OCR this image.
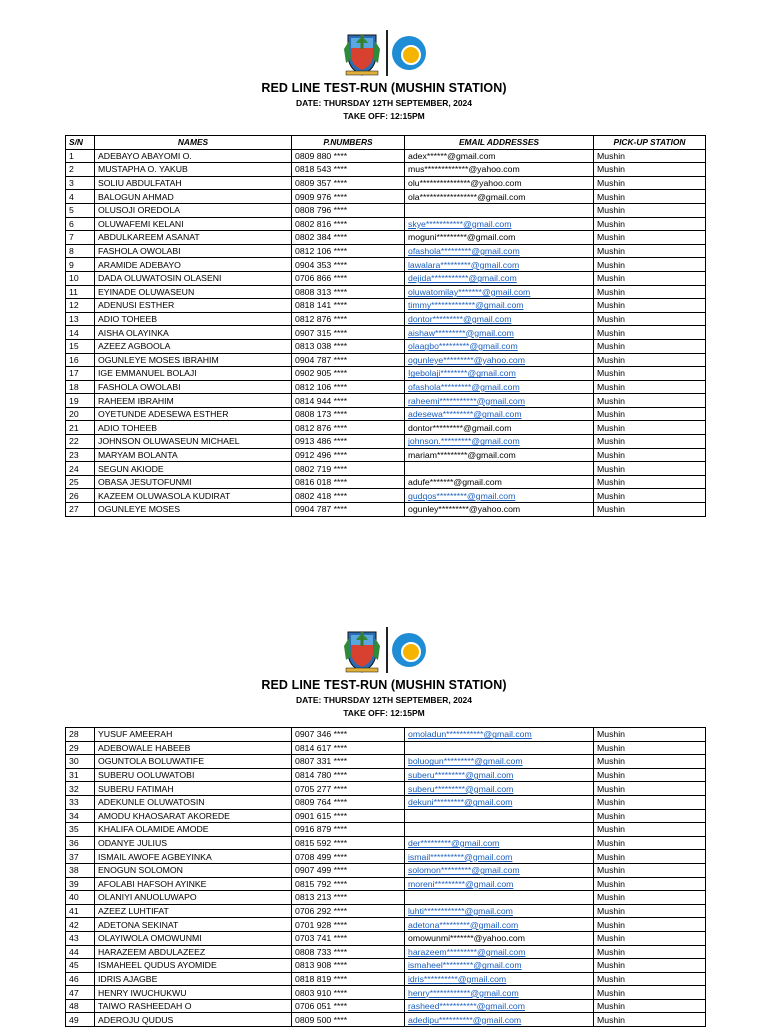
RED LINE TEST-RUN (MUSHIN STATION)
DATE: THURSDAY 12TH SEPTEMBER, 2024
TAKE OFF: 12:15PM
S/N	NAMES	P.NUMBERS	EMAIL ADDRESSES	PICK-UP STATION
1	ADEBAYO ABAYOMI O.	0809 880 ****	adex******@gmail.com	Mushin
2	MUSTAPHA O. YAKUB	0818 543 ****	mus*************@yahoo.com	Mushin
3	SOLIU ABDULFATAH	0809 357 ****	olu***************@yahoo.com	Mushin
4	BALOGUN AHMAD	0909 976 ****	ola*****************@gmail.com	Mushin
5	OLUSOJI OREDOLA	0808 796 ****		Mushin
6	OLUWAFEMI KELANI	0802 816 ****	skye***********@gmail.com	Mushin
7	ABDULKAREEM ASANAT	0802 384 ****	moguni*********@gmail.com	Mushin
8	FASHOLA OWOLABI	0812 106 ****	ofashola*********@gmail.com	Mushin
9	ARAMIDE ADEBAYO	0904 353 ****	lawalara*********@gmail.com	Mushin
10	DADA OLUWATOSIN OLASENI	0706 866 ****	dejida***********@gmail.com	Mushin
11	EYINADE OLUWASEUN	0808 313 ****	oluwatomilay*******@gmail.com	Mushin
12	ADENUSI ESTHER	0818 141 ****	timmy*************@gmail.com	Mushin
13	ADIO TOHEEB	0812 876 ****	dontor*********@gmail.com	Mushin
14	AISHA OLAYINKA	0907 315 ****	aishaw*********@gmail.com	Mushin
15	AZEEZ AGBOOLA	0813 038 ****	olaagbo*********@gmail.com	Mushin
16	OGUNLEYE MOSES IBRAHIM	0904 787 ****	ogunleye*********@yahoo.com	Mushin
17	IGE EMMANUEL BOLAJI	0902 905 ****	Igebolaji********@gmail.com	Mushin
18	FASHOLA OWOLABI	0812 106 ****	ofashola*********@gmail.com	Mushin
19	RAHEEM IBRAHIM	0814 944 ****	raheemi***********@gmail.com	Mushin
20	OYETUNDE ADESEWA ESTHER	0808 173 ****	adesewa*********@gmail.com	Mushin
21	ADIO TOHEEB	0812 876 ****	dontor*********@gmail.com	Mushin
22	JOHNSON OLUWASEUN MICHAEL	0913 486 ****	johnson.*********@gmail.com	Mushin
23	MARYAM BOLANTA	0912 496 ****	mariam*********@gmail.com	Mushin
24	SEGUN AKIODE	0802 719 ****		Mushin
25	OBASA JESUTOFUNMI	0816 018 ****	adufe*******@gmail.com	Mushin
26	KAZEEM OLUWASOLA KUDIRAT	0802 418 ****	qudqos*********@gmail.com	Mushin
27	OGUNLEYE MOSES	0904 787 ****	ogunley*********@yahoo.com	Mushin
RED LINE TEST-RUN (MUSHIN STATION)
DATE: THURSDAY 12TH SEPTEMBER, 2024
TAKE OFF: 12:15PM
28	YUSUF AMEERAH	0907 346 ****	omoladun***********@gmail.com	Mushin
29	ADEBOWALE HABEEB	0814 617 ****		Mushin
30	OGUNTOLA BOLUWATIFE	0807 331 ****	boluogun*********@gmail.com	Mushin
31	SUBERU OOLUWATOBI	0814 780 ****	suberu*********@gmail.com	Mushin
32	SUBERU FATIMAH	0705 277 ****	suberu*********@gmail.com	Mushin
33	ADEKUNLE OLUWATOSIN	0809 764 ****	dekuni*********@gmail.com	Mushin
34	AMODU KHAOSARAT AKOREDE	0901 615 ****		Mushin
35	KHALIFA OLAMIDE AMODE	0916 879 ****		Mushin
36	ODANYE JULIUS	0815 592 ****	der*********@gmail.com	Mushin
37	ISMAIL AWOFE AGBEYINKA	0708 499 ****	ismail**********@gmail.com	Mushin
38	ENOGUN SOLOMON	0907 499 ****	solomon*********@gmail.com	Mushin
39	AFOLABI HAFSOH AYINKE	0815 792 ****	moreni*********@gmail.com	Mushin
40	OLANIYI ANUOLUWAPO	0813 213 ****		Mushin
41	AZEEZ LUHTIFAT	0706 292 ****	luhti************@gmail.com	Mushin
42	ADETONA SEKINAT	0701 928 ****	adetona*********@gmail.com	Mushin
43	OLAYIWOLA OMOWUNMI	0703 741 ****	omowunmi*******@yahoo.com	Mushin
44	HARAZEEM ABDULAZEEZ	0808 733 ****	harazeem*********@gmail.com	Mushin
45	ISMAHEEL QUDUS AYOMIDE	0813 908 ****	ismaheel*********@gmail.com	Mushin
46	IDRIS AJAGBE	0818 819 ****	idris**********@gmail.com	Mushin
47	HENRY IWUCHUKWU	0803 910 ****	henry************@gmail.com	Mushin
48	TAIWO RASHEEDAH O	0706 051 ****	rasheed***********@gmail.com	Mushin
49	ADEROJU QUDUS	0809 500 ****	adedipu**********@gmail.com	Mushin
